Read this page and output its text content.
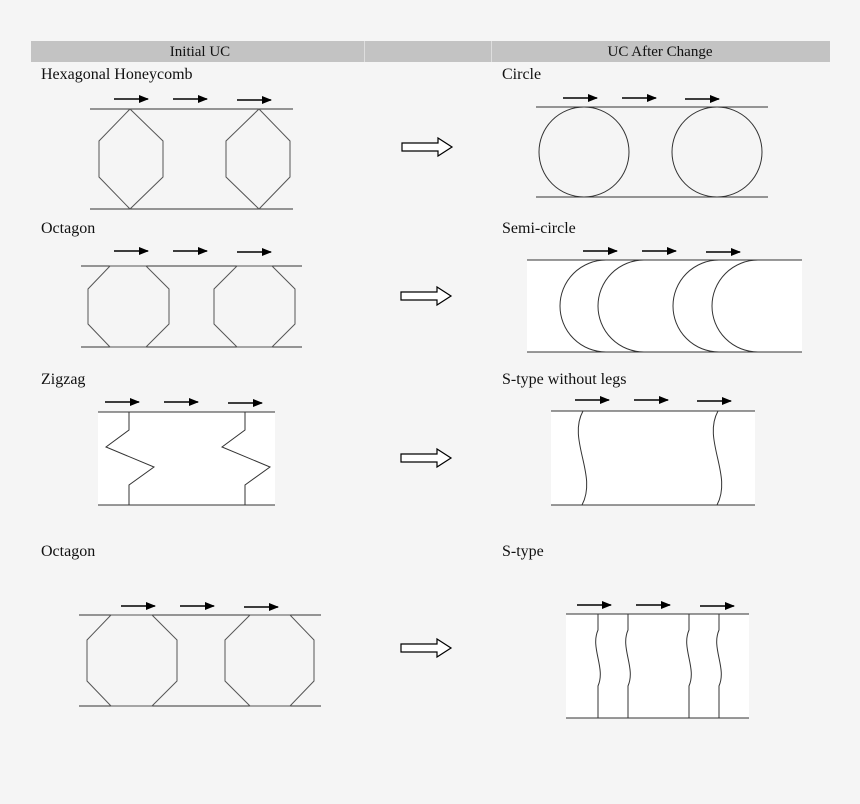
Initial UC	UC After Change
Hexagonal Honeycomb	Circle
Octagon	Semi-circle
Zigzag	S-type without legs
Octagon	S-type
